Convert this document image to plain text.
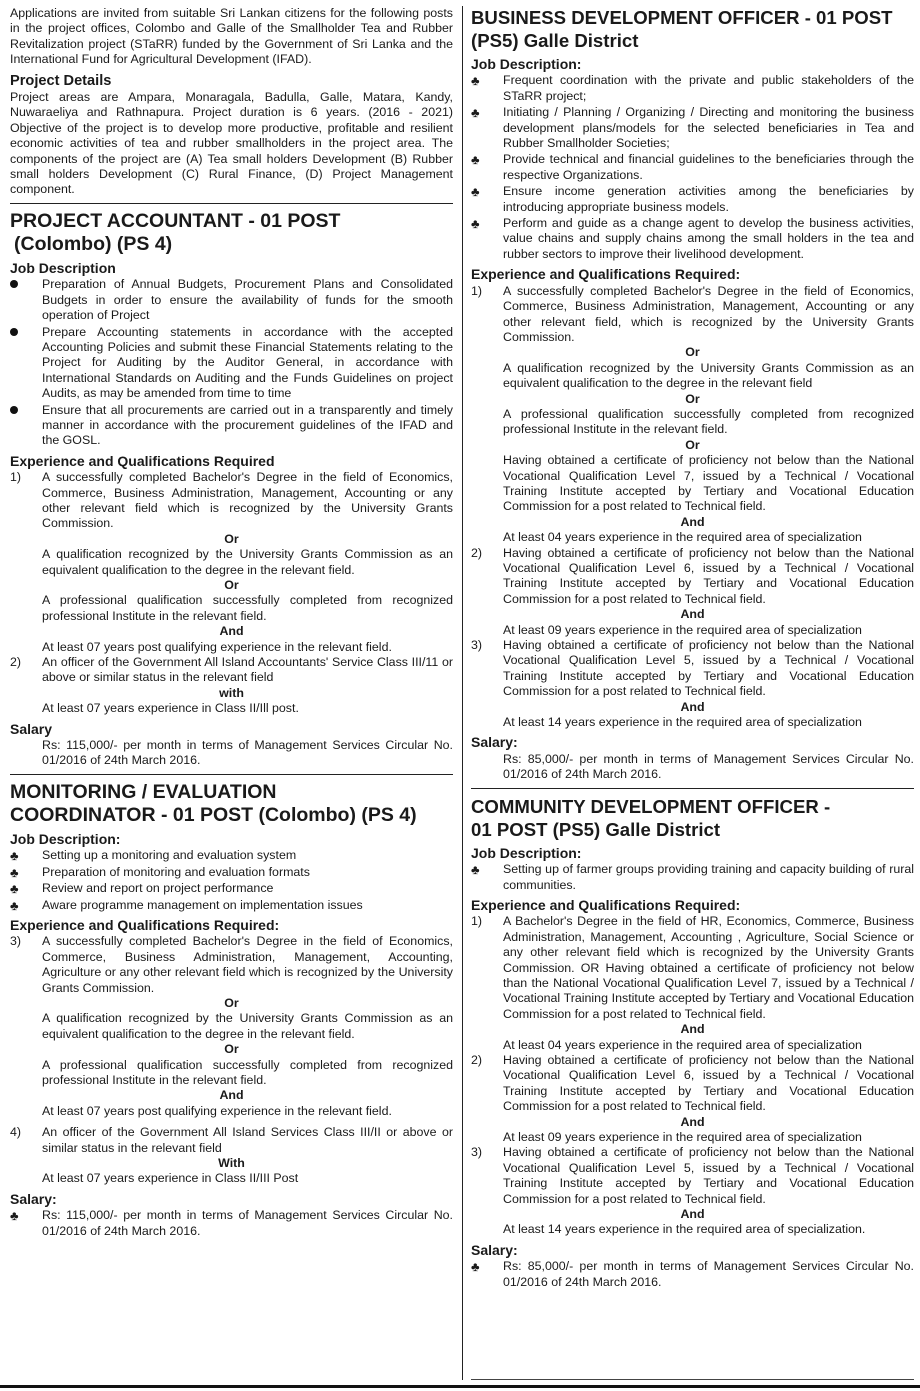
Applications are invited from suitable Sri Lankan citizens for the following posts in the project offices, Colombo and Galle of the Smallholder Tea and Rubber Revitalization project (STaRR) funded by the Government of Sri Lanka and the International Fund for Agricultural Development (IFAD).

Project Details

Project areas are Ampara, Monaragala, Badulla, Galle, Matara, Kandy, Nuwaraeliya and Rathnapura. Project duration is 6 years. (2016 - 2021) Objective of the project is to develop more productive, profitable and resilient economic activities of tea and rubber smallholders in the project area. The components of the project are (A) Tea small holders Development (B) Rubber small holders Development (C) Rural Finance, (D) Project Management component.

PROJECT ACCOUNTANT - 01 POST
(Colombo) (PS 4)
Job Description
Preparation of Annual Budgets, Procurement Plans and Consolidated Budgets in order to ensure the availability of funds for the smooth operation of Project
Prepare Accounting statements in accordance with the accepted Accounting Policies and submit these Financial Statements relating to the Project for Auditing by the Auditor General, in accordance with International Standards on Auditing and the Funds Guidelines on project Audits, as may be amended from time to time
Ensure that all procurements are carried out in a transparently and timely manner in accordance with the procurement guidelines of the IFAD and the GOSL.
Experience and Qualifications Required
1) A successfully completed Bachelor's Degree in the field of Economics, Commerce, Business Administration, Management, Accounting or any other relevant field which is recognized by the University Grants Commission.
Or
A qualification recognized by the University Grants Commission as an equivalent qualification to the degree in the relevant field.
Or
A professional qualification successfully completed from recognized professional Institute in the relevant field.
And
At least 07 years post qualifying experience in the relevant field.
2) An officer of the Government All Island Accountants' Service Class III/11 or above or similar status in the relevant field
with
At least 07 years experience in Class II/Ill post.
Salary
Rs: 115,000/- per month in terms of Management Services Circular No. 01/2016 of 24th March 2016.
MONITORING / EVALUATION
COORDINATOR - 01 POST (Colombo) (PS 4)
Job Description:
♣	Setting up a monitoring and evaluation system
♣	Preparation of monitoring and evaluation formats
♣	Review and report on project performance
♣	Aware programme management on implementation issues
Experience and Qualifications Required:
3) A successfully completed Bachelor's Degree in the field of Economics, Commerce, Business Administration, Management, Accounting, Agriculture or any other relevant field which is recognized by the University Grants Commission.
Or
A qualification recognized by the University Grants Commission as an equivalent qualification to the degree in the relevant field.
Or
A professional qualification successfully completed from recognized professional Institute in the relevant field.
And
At least 07 years post qualifying experience in the relevant field.
4) An officer of the Government All Island Services Class III/II or above or similar status in the relevant field
With
At least 07 years experience in Class II/III Post
Salary:
♣	Rs: 115,000/- per month in terms of Management Services Circular No. 01/2016 of 24th March 2016.
BUSINESS DEVELOPMENT OFFICER - 01 POST
(PS5) Galle District
Job Description:
♣	Frequent coordination with the private and public stakeholders of the STaRR project;
♣	Initiating / Planning / Organizing / Directing and monitoring the business development plans/models for the selected beneficiaries in Tea and Rubber Smallholder Societies;
♣	Provide technical and financial guidelines to the beneficiaries through the respective Organizations.
♣	Ensure income generation activities among the beneficiaries by introducing appropriate business models.
♣	Perform and guide as a change agent to develop the business activities, value chains and supply chains among the small holders in the tea and rubber sectors to improve their livelihood development.
Experience and Qualifications Required:
1) A successfully completed Bachelor's Degree in the field of Economics, Commerce, Business Administration, Management, Accounting or any other relevant field, which is recognized by the University Grants Commission.
Or
A qualification recognized by the University Grants Commission as an equivalent qualification to the degree in the relevant field
Or
A professional qualification successfully completed from recognized professional Institute in the relevant field.
Or
Having obtained a certificate of proficiency not below than the National Vocational Qualification Level 7, issued by a Technical / Vocational Training Institute accepted by Tertiary and Vocational Education Commission for a post related to Technical field.
And
At least 04 years experience in the required area of specialization
2) Having obtained a certificate of proficiency not below than the National Vocational Qualification Level 6, issued by a Technical / Vocational Training Institute accepted by Tertiary and Vocational Education Commission for a post related to Technical field.
And
At least 09 years experience in the required area of specialization
3) Having obtained a certificate of proficiency not below than the National Vocational Qualification Level 5, issued by a Technical / Vocational Training Institute accepted by Tertiary and Vocational Education Commission for a post related to Technical field.
And
At least 14 years experience in the required area of specialization
Salary:
Rs: 85,000/- per month in terms of Management Services Circular No. 01/2016 of 24th March 2016.
COMMUNITY DEVELOPMENT OFFICER -
01 POST (PS5) Galle District
Job Description:
♣	Setting up of farmer groups providing training and capacity building of rural communities.
Experience and Qualifications Required:
1) A Bachelor's Degree in the field of HR, Economics, Commerce, Business Administration, Management, Accounting , Agriculture, Social Science or any other relevant field which is recognized by the University Grants Commission. OR Having obtained a certificate of proficiency not below than the National Vocational Qualification Level 7, issued by a Technical / Vocational Training Institute accepted by Tertiary and Vocational Education Commission for a post related to Technical field.
And
At least 04 years experience in the required area of specialization
2) Having obtained a certificate of proficiency not below than the National Vocational Qualification Level 6, issued by a Technical / Vocational Training Institute accepted by Tertiary and Vocational Education Commission for a post related to Technical field.
And
At least 09 years experience in the required area of specialization
3) Having obtained a certificate of proficiency not below than the National Vocational Qualification Level 5, issued by a Technical / Vocational Training Institute accepted by Tertiary and Vocational Education Commission for a post related to Technical field.
And
At least 14 years experience in the required area of specialization.
Salary:
♣	Rs: 85,000/- per month in terms of Management Services Circular No. 01/2016 of 24th March 2016.
